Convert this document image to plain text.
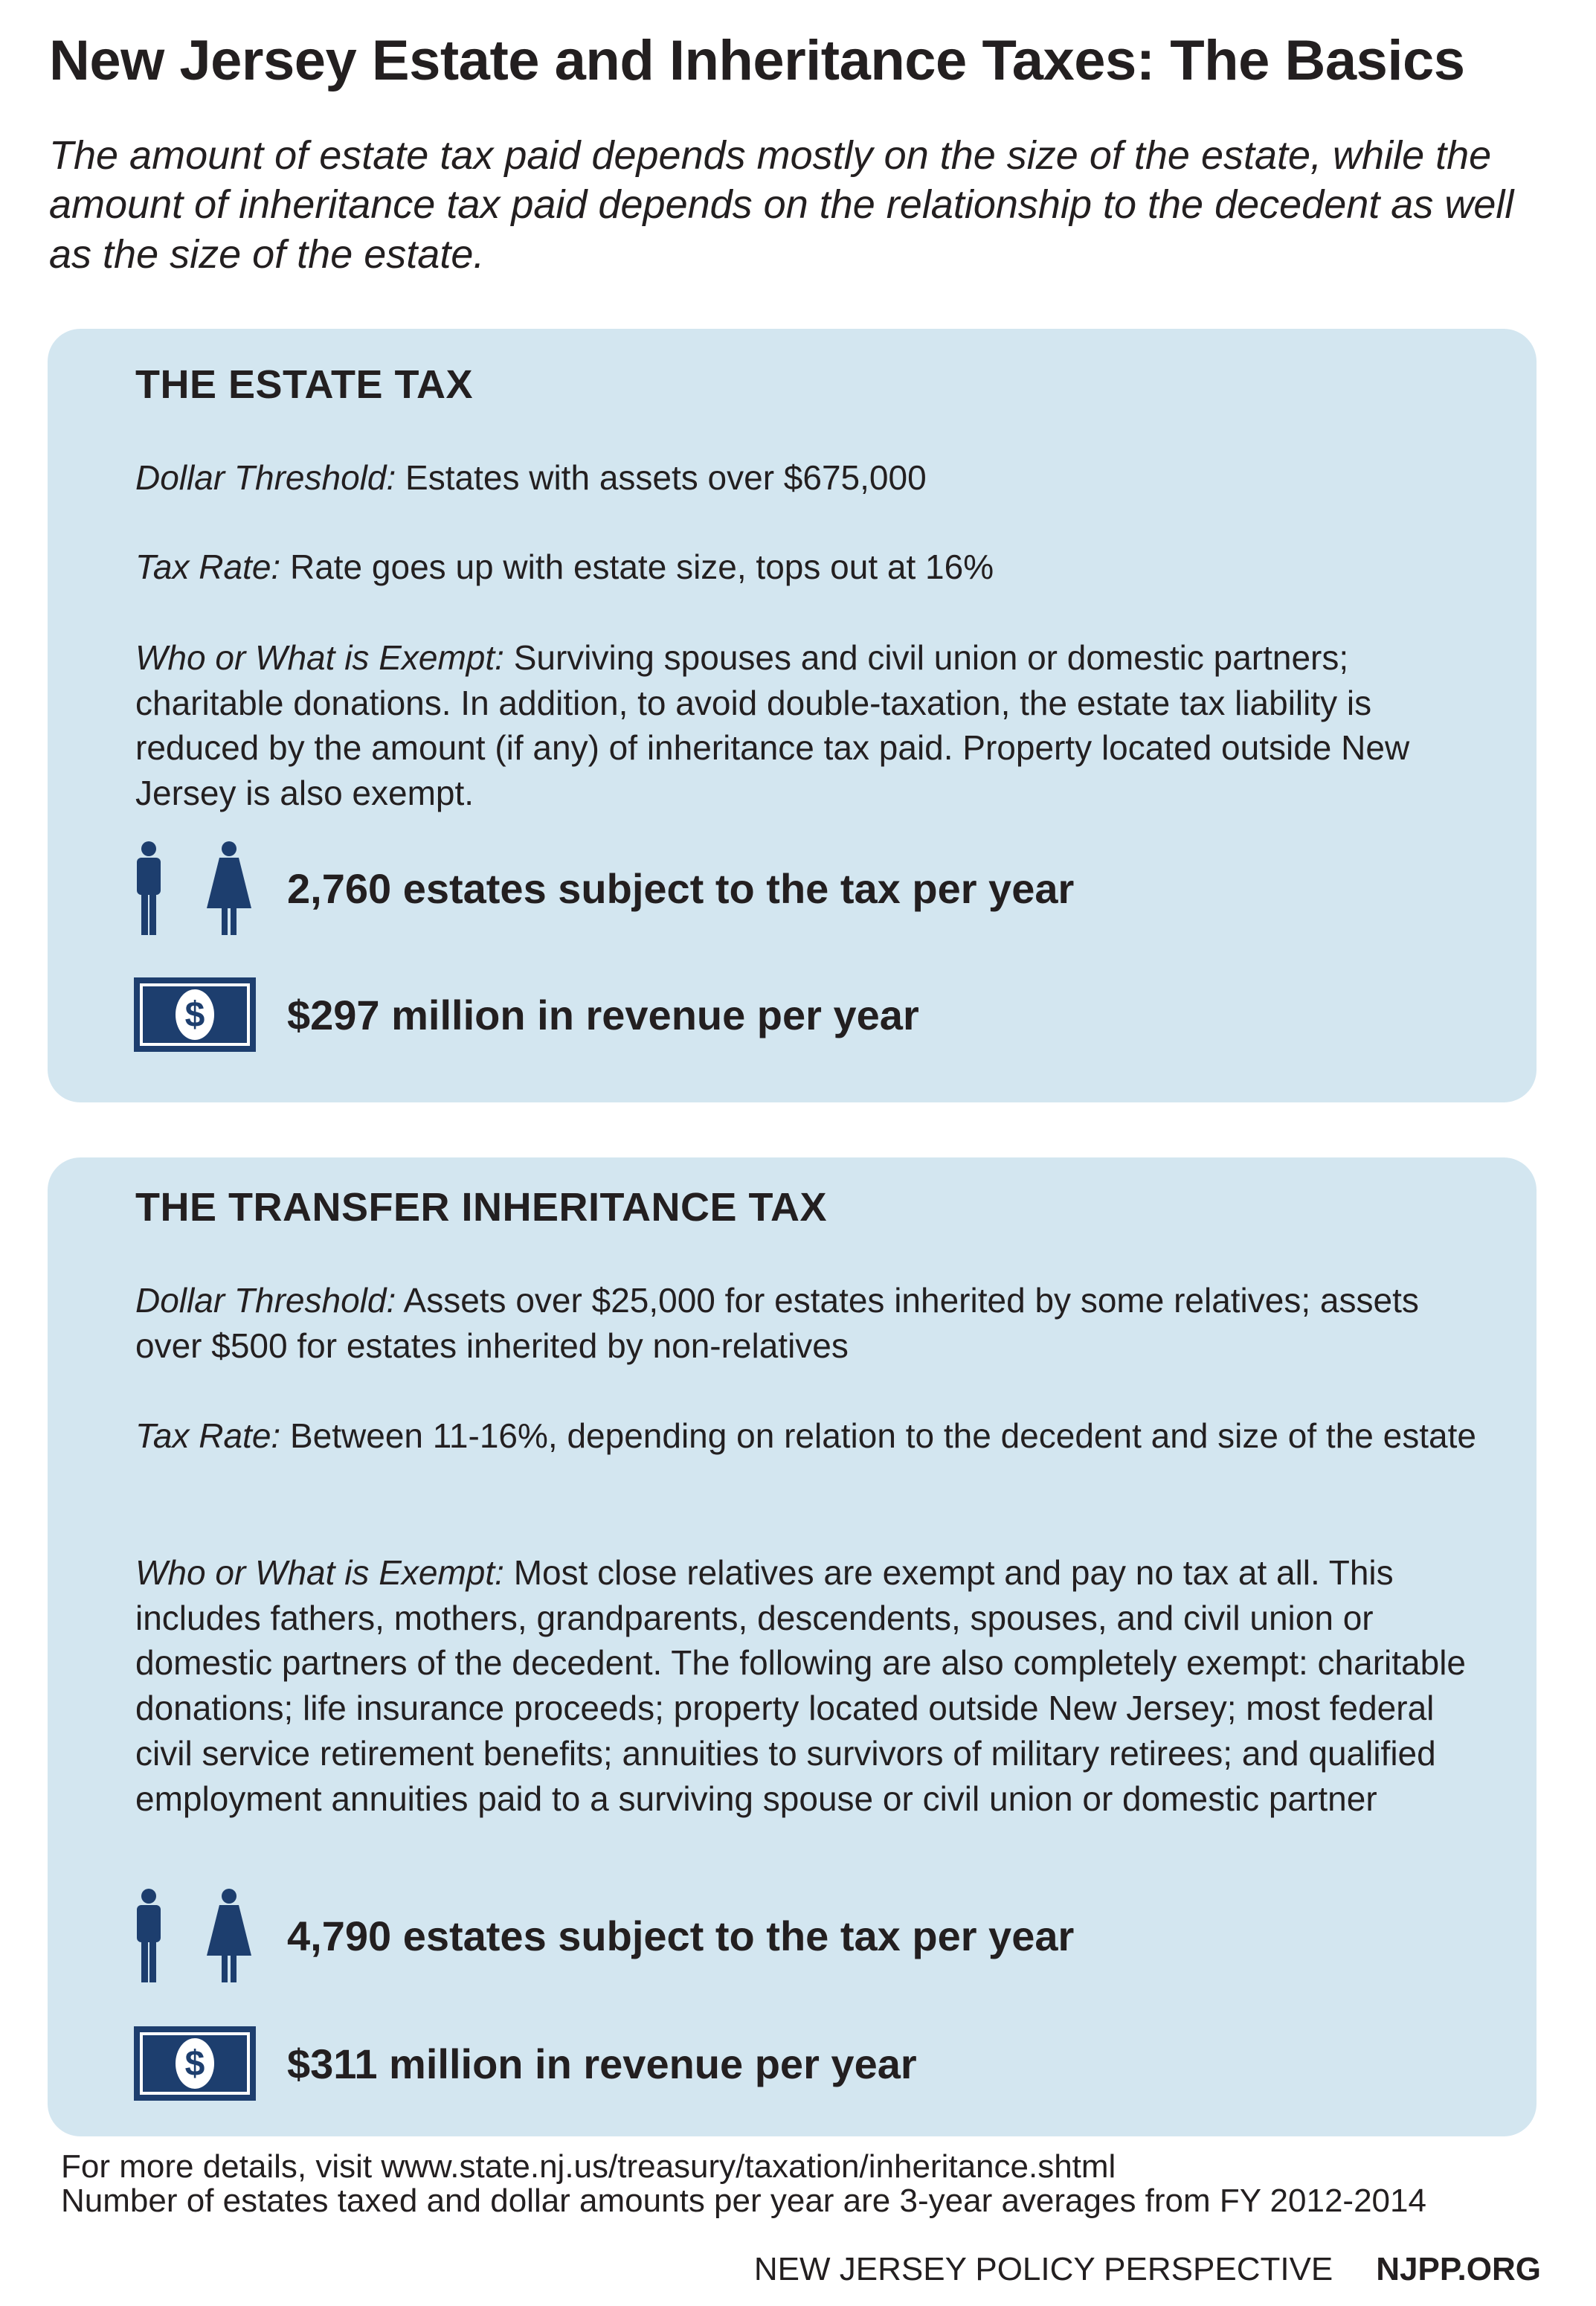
New Jersey Estate and Inheritance Taxes: The Basics

The amount of estate tax paid depends mostly on the size of the estate, while the amount of inheritance tax paid depends on the relationship to the decedent as well as the size of the estate.

THE ESTATE TAX

Dollar Threshold: Estates with assets over $675,000

Tax Rate: Rate goes up with estate size, tops out at 16%

Who or What is Exempt: Surviving spouses and civil union or domestic partners; charitable donations. In addition, to avoid double-taxation, the estate tax liability is reduced by the amount (if any) of inheritance tax paid. Property located outside New Jersey is also exempt.

2,760 estates subject to the tax per year
$ $297 million in revenue per year
THE TRANSFER INHERITANCE TAX

Dollar Threshold: Assets over $25,000 for estates inherited by some relatives; assets over $500 for estates inherited by non-relatives

Tax Rate: Between 11-16%, depending on relation to the decedent and size of the estate

Who or What is Exempt: Most close relatives are exempt and pay no tax at all. This includes fathers, mothers, grandparents, descendents, spouses, and civil union or domestic partners of the decedent. The following are also completely exempt: charitable donations; life insurance proceeds; property located outside New Jersey; most federal civil service retirement benefits; annuities to survivors of military retirees; and qualified employment annuities paid to a surviving spouse or civil union or domestic partner

4,790 estates subject to the tax per year
$ $311 million in revenue per year
For more details, visit www.state.nj.us/treasury/taxation/inheritance.shtml
Number of estates taxed and dollar amounts per year are 3-year averages from FY 2012-2014
NEW JERSEY POLICY PERSPECTIVE NJPP.ORG
